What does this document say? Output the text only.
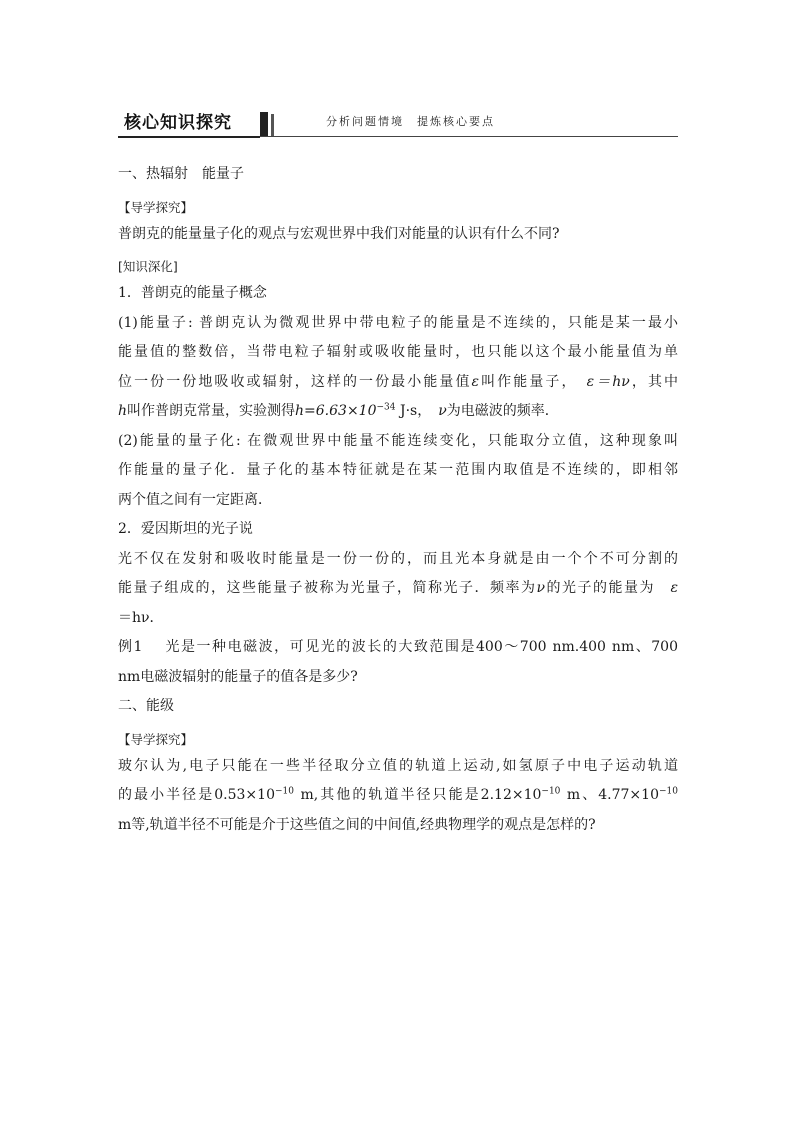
核心知识探究	分析问题情境　提炼核心要点

一、热辐射　能量子

【导学探究】

普朗克的能量量子化的观点与宏观世界中我们对能量的认识有什么不同?

[知识深化]

1．普朗克的能量子概念

(1)能量子: 普朗克认为微观世界中带电粒子的能量是不连续的，只能是某一最小

能量值的整数倍，当带电粒子辐射或吸收能量时，也只能以这个最小能量值为单

位一份一份地吸收或辐射，这样的一份最小能量值ε叫作能量子，　 ε＝hν，其中

h叫作普朗克常量，实验测得$h=6.63\times 10^{-34}$ J·s，　 ν为电磁波的频率．

(2)能量的量子化: 在微观世界中能量不能连续变化，只能取分立值，这种现象叫

作能量的量子化．量子化的基本特征就是在某一范围内取值是不连续的，即相邻

两个值之间有一定距离．

2．爱因斯坦的光子说

光不仅在发射和吸收时能量是一份一份的，而且光本身就是由一个个不可分割的

能量子组成的，这些能量子被称为光量子，简称光子．频率为ν的光子的能量为　 ε

＝hν．

例1　 光是一种电磁波，可见光的波长的大致范围是400～700 nm.400 nm、700

nm电磁波辐射的能量子的值各是多少?

二、能级

【导学探究】

玻尔认为,电子只能在一些半径取分立值的轨道上运动,如氢原子中电子运动轨道

的最小半径是$0.53\times 10^{-10}$ m,其他的轨道半径只能是$2.12\times 10^{-10}$ m、$4.77\times 10^{-10}$

m等,轨道半径不可能是介于这些值之间的中间值,经典物理学的观点是怎样的?
